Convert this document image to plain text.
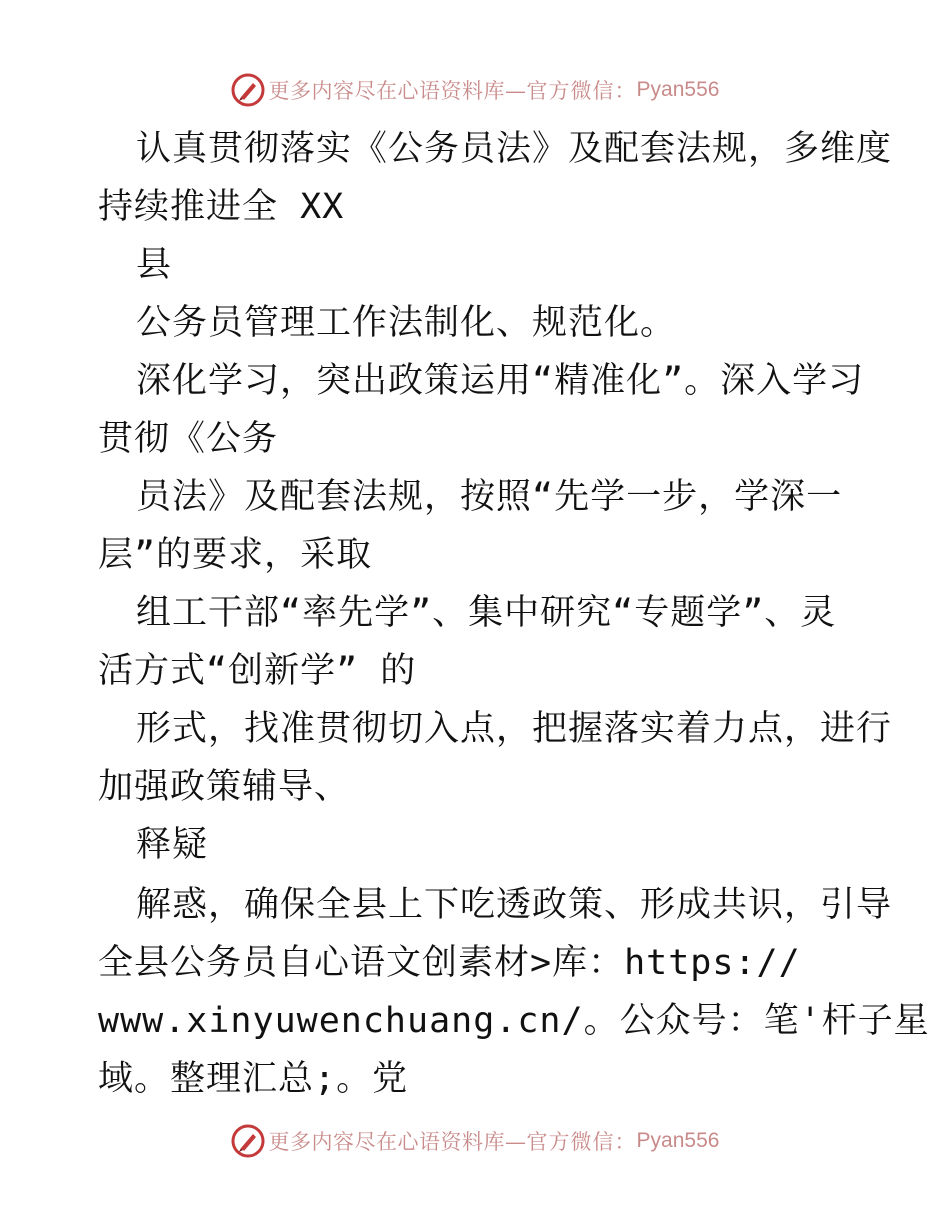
更多内容尽在心语资料库— 官方微信： Pyan556
认真贯彻落实《公务员法》及配套法规，多维度
持续推进全 XX
县
公务员管理工作法制化、规范化。
深化学习，突出政策运用“精准化”。深入学习
贯彻《公务
员法》及配套法规，按照“先学一步，学深一
层”的要求，采取
组工干部“率先学”、集中研究“专题学”、灵
活方式“创新学” 的
形式，找准贯彻切入点，把握落实着力点，进行
加强政策辅导、
释疑
解惑，确保全县上下吃透政策、形成共识，引导
全县公务员自心语文创素材>库：https://
www.xinyuwenchuang.cn/。公众号：笔'杆子星
域。整理汇总;。党
更多内容尽在心语资料库— 官方微信： Pyan556
